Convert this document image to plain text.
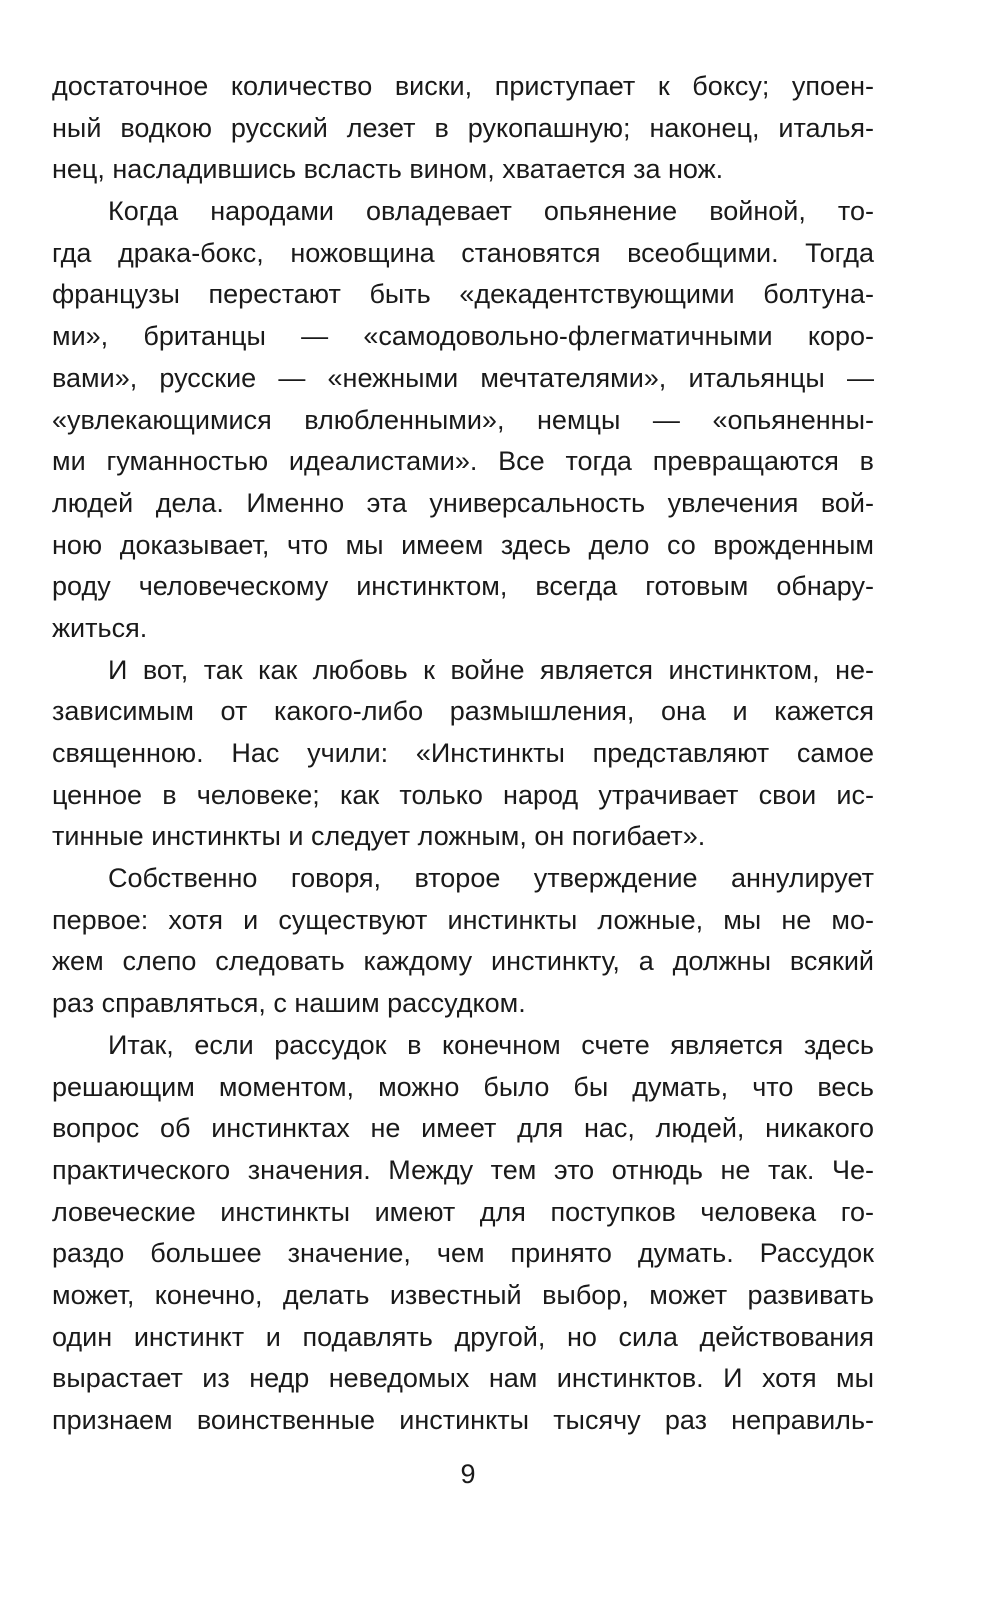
достаточное количество виски, приступает к боксу; упоен-
ный водкою русский лезет в рукопашную; наконец, италья-
нец, насладившись всласть вином, хватается за нож.
Когда народами овладевает опьянение войной, то-
гда драка-бокс, ножовщина становятся всеобщими. Тогда
французы перестают быть «декадентствующими болтуна-
ми», британцы — «самодовольно-флегматичными коро-
вами», русские — «нежными мечтателями», итальянцы —
«увлекающимися влюбленными», немцы — «опьяненны-
ми гуманностью идеалистами». Все тогда превращаются в
людей дела. Именно эта универсальность увлечения вой-
ною доказывает, что мы имеем здесь дело со врожденным
роду человеческому инстинктом, всегда готовым обнару-
житься.
И вот, так как любовь к войне является инстинктом, не-
зависимым от какого-либо размышления, она и кажется
священною. Нас учили: «Инстинкты представляют самое
ценное в человеке; как только народ утрачивает свои ис-
тинные инстинкты и следует ложным, он погибает».
Собственно говоря, второе утверждение аннулирует
первое: хотя и существуют инстинкты ложные, мы не мо-
жем слепо следовать каждому инстинкту, а должны всякий
раз справляться, с нашим рассудком.
Итак, если рассудок в конечном счете является здесь
решающим моментом, можно было бы думать, что весь
вопрос об инстинктах не имеет для нас, людей, никакого
практического значения. Между тем это отнюдь не так. Че-
ловеческие инстинкты имеют для поступков человека го-
раздо большее значение, чем принято думать. Рассудок
может, конечно, делать известный выбор, может развивать
один инстинкт и подавлять другой, но сила действования
вырастает из недр неведомых нам инстинктов. И хотя мы
признаем воинственные инстинкты тысячу раз неправиль-
9
